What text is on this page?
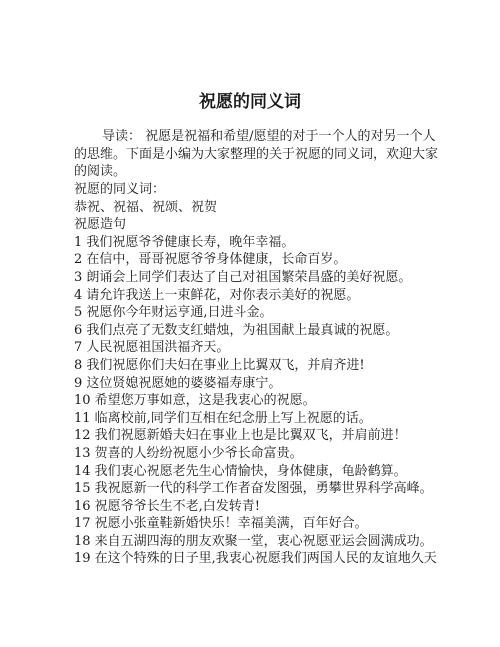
祝愿的同义词

导读： 祝愿是祝福和希望/愿望的对于一个人的对另一个人的思维。下面是小编为大家整理的关于祝愿的同义词，欢迎大家的阅读。

祝愿的同义词：
恭祝、祝福、祝颂、祝贺
祝愿造句
1 我们祝愿爷爷健康长寿，晚年幸福。
2 在信中，哥哥祝愿爷爷身体健康，长命百岁。
3 朗诵会上同学们表达了自己对祖国繁荣昌盛的美好祝愿。
4 请允许我送上一束鲜花，对你表示美好的祝愿。
5 祝愿你今年财运亨通,日进斗金。
6 我们点亮了无数支红蜡烛，为祖国献上最真诚的祝愿。
7 人民祝愿祖国洪福齐天。
8 我们祝愿你们夫妇在事业上比翼双飞，并肩齐进!
9 这位贤媳祝愿她的婆婆福寿康宁。
10 希望您万事如意，这是我衷心的祝愿。
11 临离校前,同学们互相在纪念册上写上祝愿的话。
12 我们祝愿新婚夫妇在事业上也是比翼双飞，并肩前进！
13 贺喜的人纷纷祝愿小少爷长命富贵。
14 我们衷心祝愿老先生心情愉快，身体健康，龟龄鹤算。
15 我祝愿新一代的科学工作者奋发图强，勇攀世界科学高峰。
16 祝愿爷爷长生不老,白发转青!
17 祝愿小张童鞋新婚快乐！幸福美满，百年好合。
18 来自五湖四海的朋友欢聚一堂，衷心祝愿亚运会圆满成功。
19 在这个特殊的日子里,我衷心祝愿我们两国人民的友谊地久天
